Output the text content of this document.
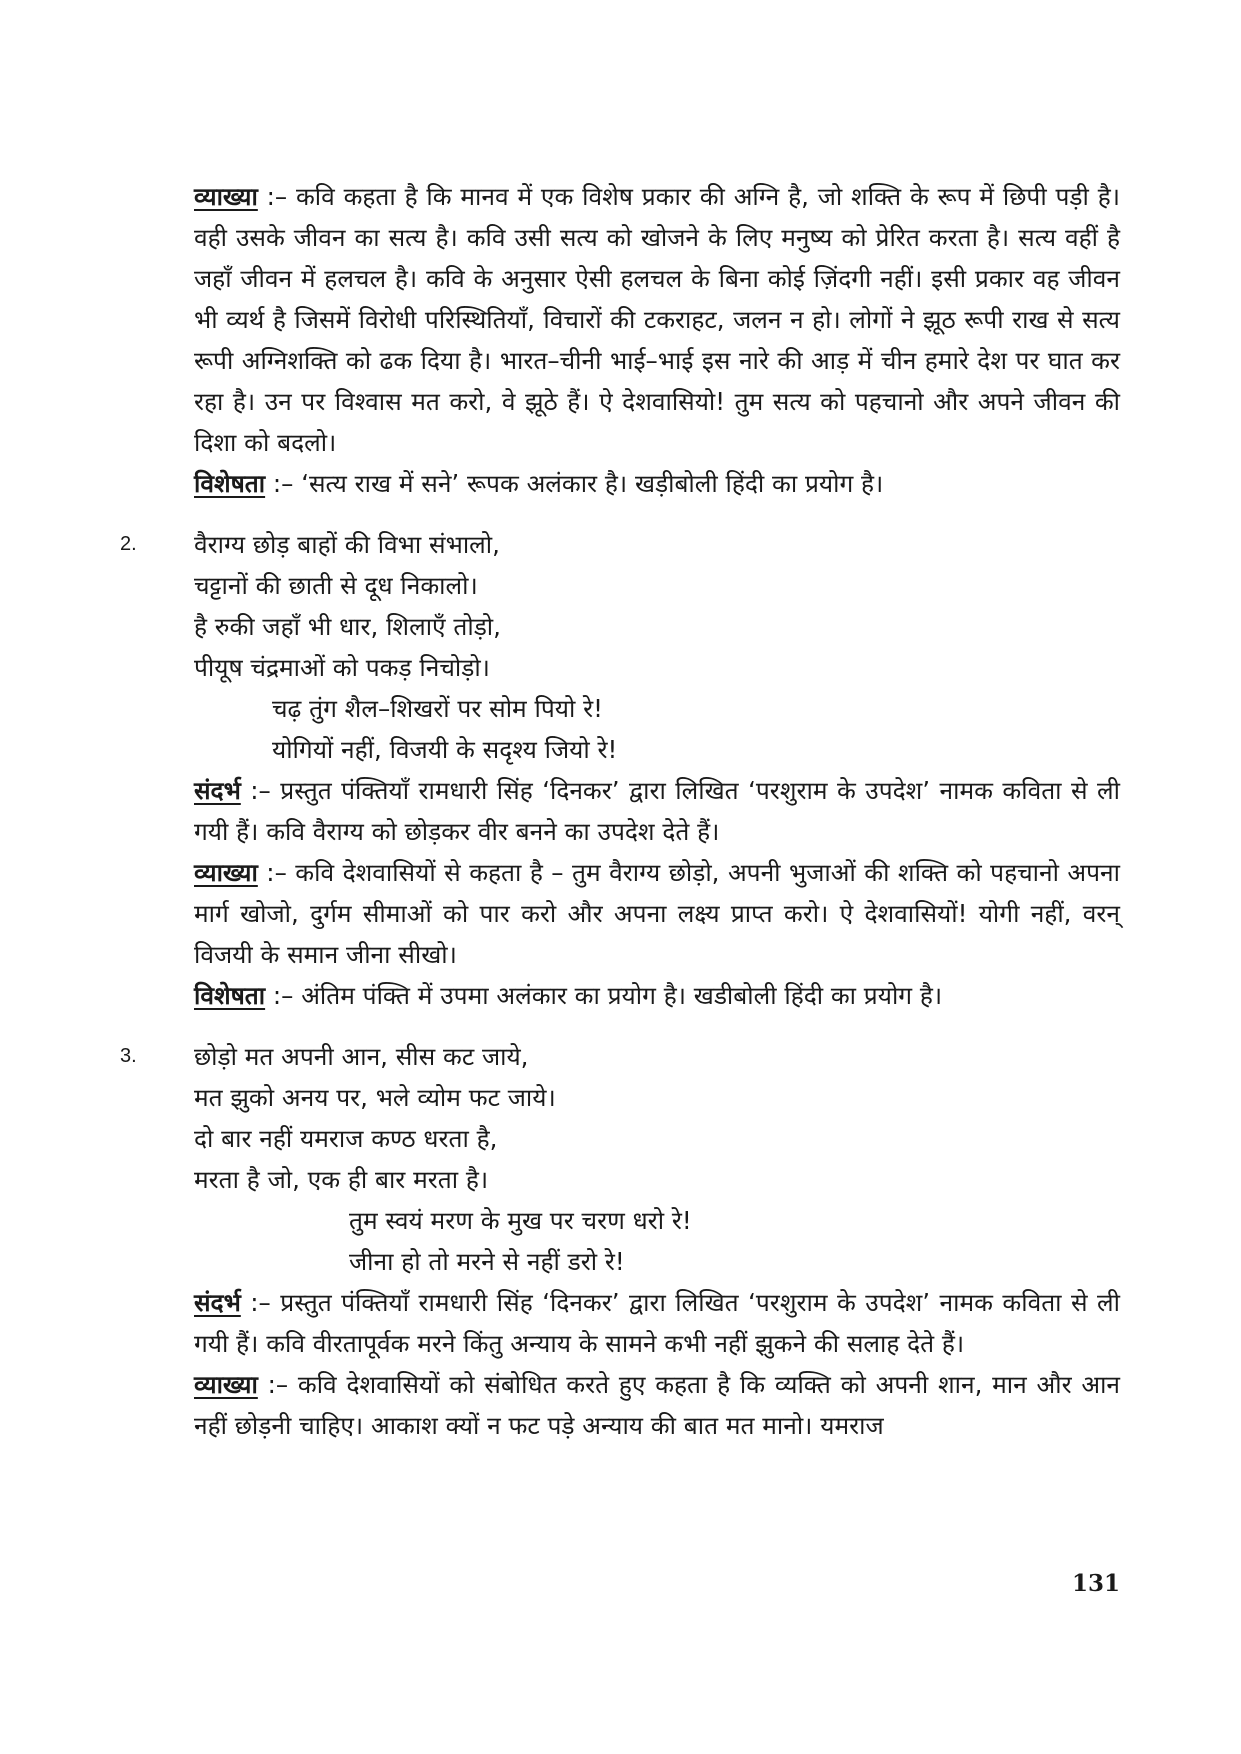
व्याख्या :– कवि कहता है कि मानव में एक विशेष प्रकार की अग्नि है, जो शक्ति के रूप में छिपी पड़ी है। वही उसके जीवन का सत्य है। कवि उसी सत्य को खोजने के लिए मनुष्य को प्रेरित करता है। सत्य वहीं है जहाँ जीवन में हलचल है। कवि के अनुसार ऐसी हलचल के बिना कोई ज़िंदगी नहीं। इसी प्रकार वह जीवन भी व्यर्थ है जिसमें विरोधी परिस्थितियाँ, विचारों की टकराहट, जलन न हो। लोगों ने झूठ रूपी राख से सत्य रूपी अग्निशक्ति को ढक दिया है। भारत–चीनी भाई–भाई इस नारे की आड़ में चीन हमारे देश पर घात कर रहा है। उन पर विश्वास मत करो, वे झूठे हैं। ऐ देशवासियो! तुम सत्य को पहचानो और अपने जीवन की दिशा को बदलो।

विशेषता :– ‘सत्य राख में सने’ रूपक अलंकार है। खड़ीबोली हिंदी का प्रयोग है।

2. वैराग्य छोड़ बाहों की विभा संभालो,

चट्टानों की छाती से दूध निकालो।

है रुकी जहाँ भी धार, शिलाएँ तोड़ो,

पीयूष चंद्रमाओं को पकड़ निचोड़ो।

चढ़ तुंग शैल–शिखरों पर सोम पियो रे!

योगियों नहीं, विजयी के सदृश्य जियो रे!

संदर्भ :– प्रस्तुत पंक्तियाँ रामधारी सिंह ‘दिनकर’ द्वारा लिखित ‘परशुराम के उपदेश’ नामक कविता से ली गयी हैं। कवि वैराग्य को छोड़कर वीर बनने का उपदेश देते हैं।

व्याख्या :– कवि देशवासियों से कहता है – तुम वैराग्य छोड़ो, अपनी भुजाओं की शक्ति को पहचानो अपना मार्ग खोजो, दुर्गम सीमाओं को पार करो और अपना लक्ष्य प्राप्त करो। ऐ देशवासियों! योगी नहीं, वरन् विजयी के समान जीना सीखो।

विशेषता :– अंतिम पंक्ति में उपमा अलंकार का प्रयोग है। खडीबोली हिंदी का प्रयोग है।

3. छोड़ो मत अपनी आन, सीस कट जाये,

मत झुको अनय पर, भले व्योम फट जाये।

दो बार नहीं यमराज कण्ठ धरता है,

मरता है जो, एक ही बार मरता है।

तुम स्वयं मरण के मुख पर चरण धरो रे!

जीना हो तो मरने से नहीं डरो रे!

संदर्भ :– प्रस्तुत पंक्तियाँ रामधारी सिंह ‘दिनकर’ द्वारा लिखित ‘परशुराम के उपदेश’ नामक कविता से ली गयी हैं। कवि वीरतापूर्वक मरने किंतु अन्याय के सामने कभी नहीं झुकने की सलाह देते हैं।

व्याख्या :– कवि देशवासियों को संबोधित करते हुए कहता है कि व्यक्ति को अपनी शान, मान और आन नहीं छोड़नी चाहिए। आकाश क्यों न फट पड़े अन्याय की बात मत मानो। यमराज

131
